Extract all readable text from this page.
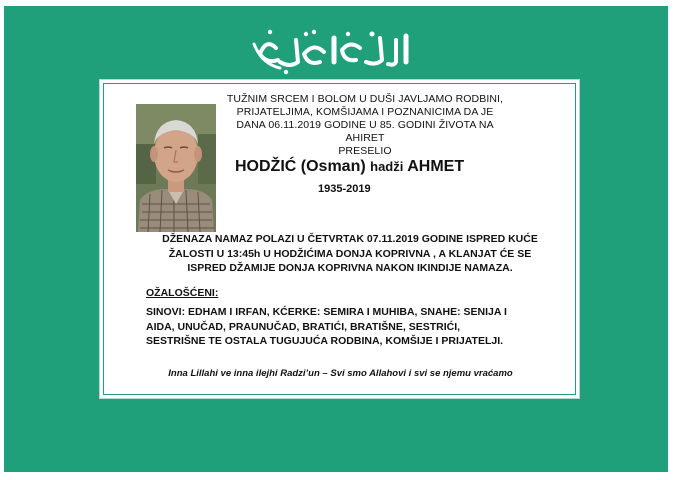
TUŽNIM SRCEM I BOLOM U DUŠI JAVLJAMO RODBINI,
PRIJATELJIMA, KOMŠIJAMA I POZNANICIMA DA JE
DANA 06.11.2019 GODINE U 85. GODINI ŽIVOTA NA AHIRET
PRESELIO
HODŽIĆ (Osman) hadži AHMET
1935-2019
DŽENAZA NAMAZ POLAZI U ČETVRTAK 07.11.2019 GODINE ISPRED KUĆE
ŽALOSTI U 13:45h U HODŽIĆIMA DONJA KOPRIVNA , A KLANJAT ĆE SE
ISPRED DŽAMIJE DONJA KOPRIVNA NAKON IKINDIJE NAMAZA.
OŽALOŠĆENI:
SINOVI: EDHAM I IRFAN, KĆERKE: SEMIRA I MUHIBA, SNAHE: SENIJA I
AIDA, UNUČAD, PRAUNUČAD, BRATIĆI, BRATIŠNE, SESTRIĆI,
SESTRIŠNE TE OSTALA TUGUJUĆA RODBINA, KOMŠIJE I PRIJATELJI.
Inna Lillahi ve inna ilejhi Radzi’un – Svi smo Allahovi i svi se njemu vraćamo
